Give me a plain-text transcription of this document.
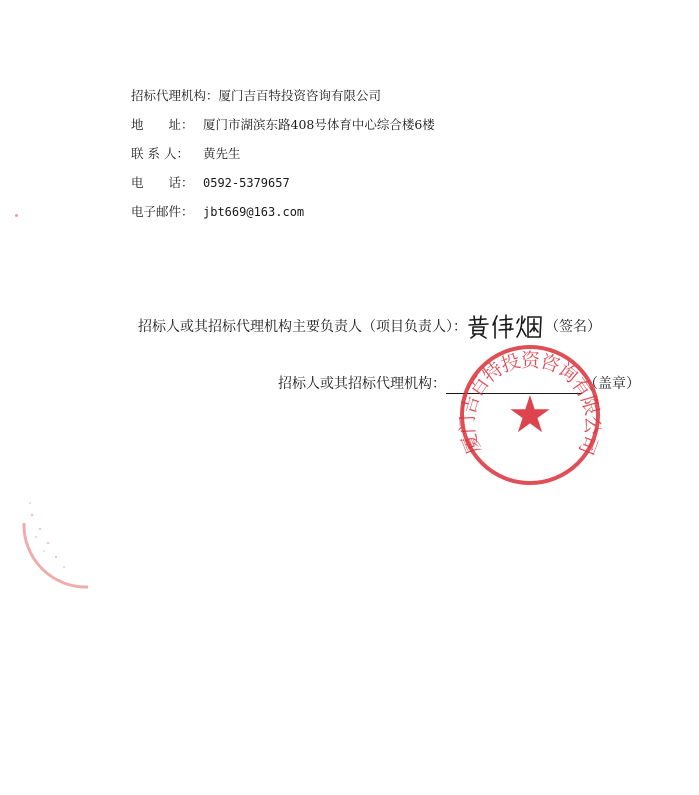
招标代理机构：厦门吉百特投资咨询有限公司
地　　址： 厦门市湖滨东路408号体育中心综合楼6楼
联 系 人： 黄先生
电　　话： 0592-5379657
电子邮件： jbt669@163.com
招标人或其招标代理机构主要负责人（项目负责人）：	（签名）
招标人或其招标代理机构：	（盖章）
厦门吉百特投资咨询有限公司
